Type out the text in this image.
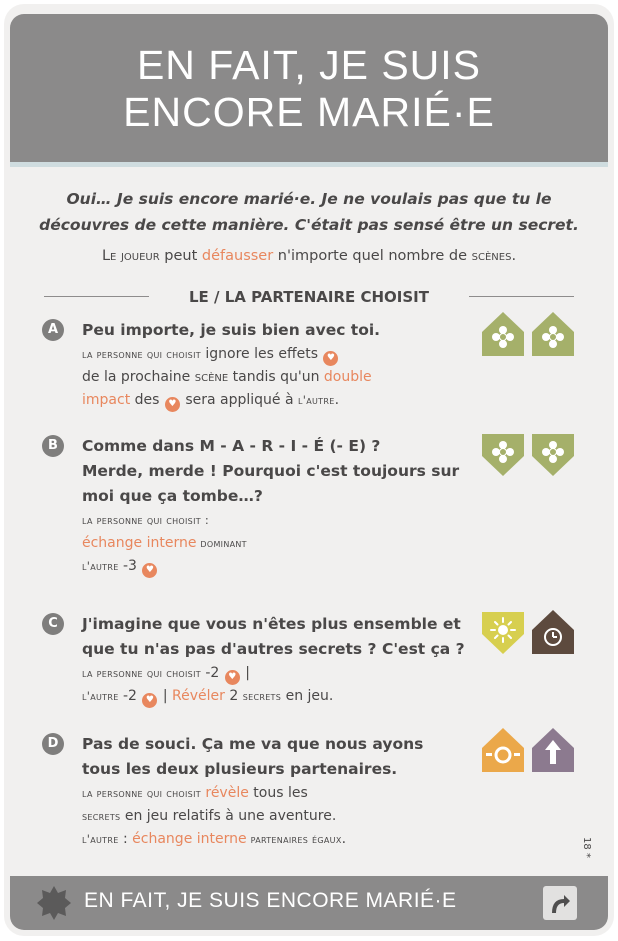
EN FAIT, JE SUIS
ENCORE MARIÉ·E
Oui… Je suis encore marié·e. Je ne voulais pas que tu le
découvres de cette manière. C'était pas sensé être un secret.
Le joueur peut défausser n'importe quel nombre de scènes.
LE / LA PARTENAIRE CHOISIT
A	Peu importe, je suis bien avec toi.
la personne qui choisit ignore les effets ♥
de la prochaine scène tandis qu'un double
impact des ♥ sera appliqué à l'autre.
B	Comme dans M - A - R - I - É (- E) ?
Merde, merde ! Pourquoi c'est toujours sur
moi que ça tombe…?
la personne qui choisit :
échange interne dominant
l'autre -3 ♥
C	J'imagine que vous n'êtes plus ensemble et
que tu n'as pas d'autres secrets ? C'est ça ?
la personne qui choisit -2 ♥ |
l'autre -2 ♥ | Révéler 2 secrets en jeu.
D	Pas de souci. Ça me va que nous ayons
tous les deux plusieurs partenaires.
la personne qui choisit révèle tous les
secrets en jeu relatifs à une aventure.
l'autre : échange interne partenaires égaux.	18 *
EN FAIT, JE SUIS ENCORE MARIÉ·E
